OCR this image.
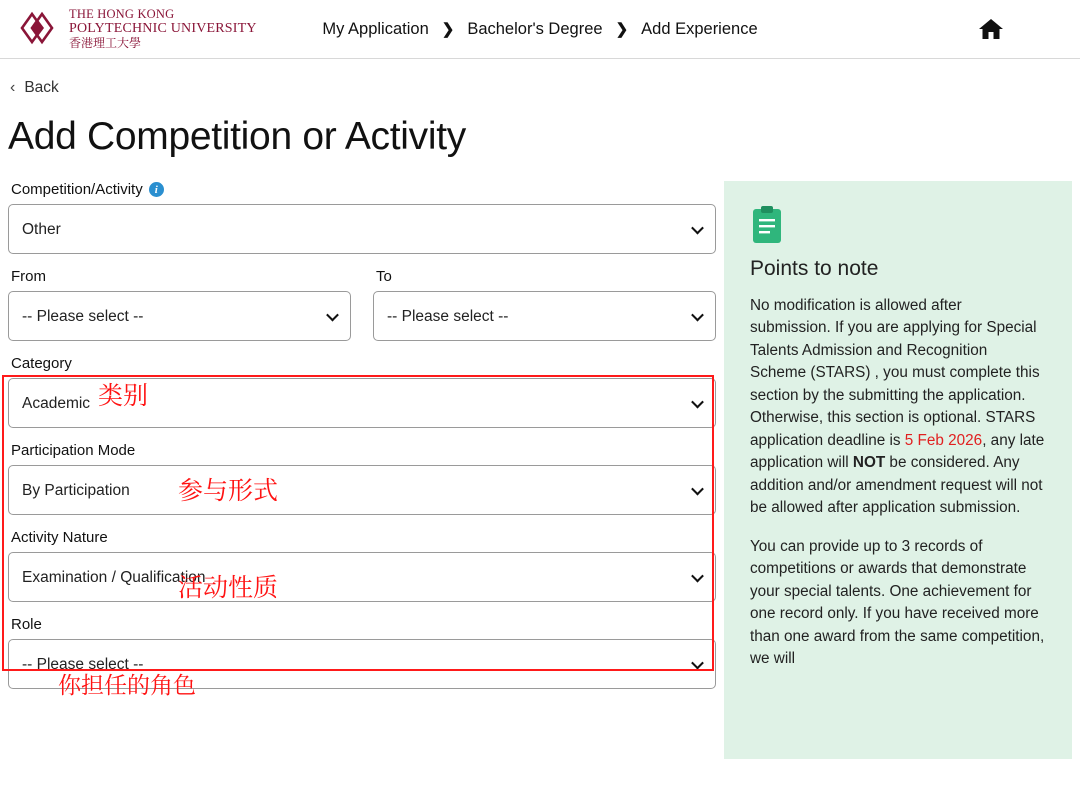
THE HONG KONG
POLYTECHNIC UNIVERSITY
香港理工大學
My Application ❯ Bachelor's Degree ❯ Add Experience
‹ Back
Add Competition or Activity
Competition/Activity	i
Other
From
-- Please select --	To
-- Please select --
Category
Academic
Participation Mode
By Participation
Activity Nature
Examination / Qualification
Role
-- Please select --
类别
参与形式
活动性质
你担任的角色
Points to note

No modification is allowed after submission. If you are applying for Special Talents Admission and Recognition Scheme (STARS) , you must complete this section by the submitting the application. Otherwise, this section is optional. STARS application deadline is 5 Feb 2026, any late application will NOT be considered. Any addition and/or amendment request will not be allowed after application submission.

You can provide up to 3 records of competitions or awards that demonstrate your special talents. One achievement for one record only. If you have received more than one award from the same competition, we will
